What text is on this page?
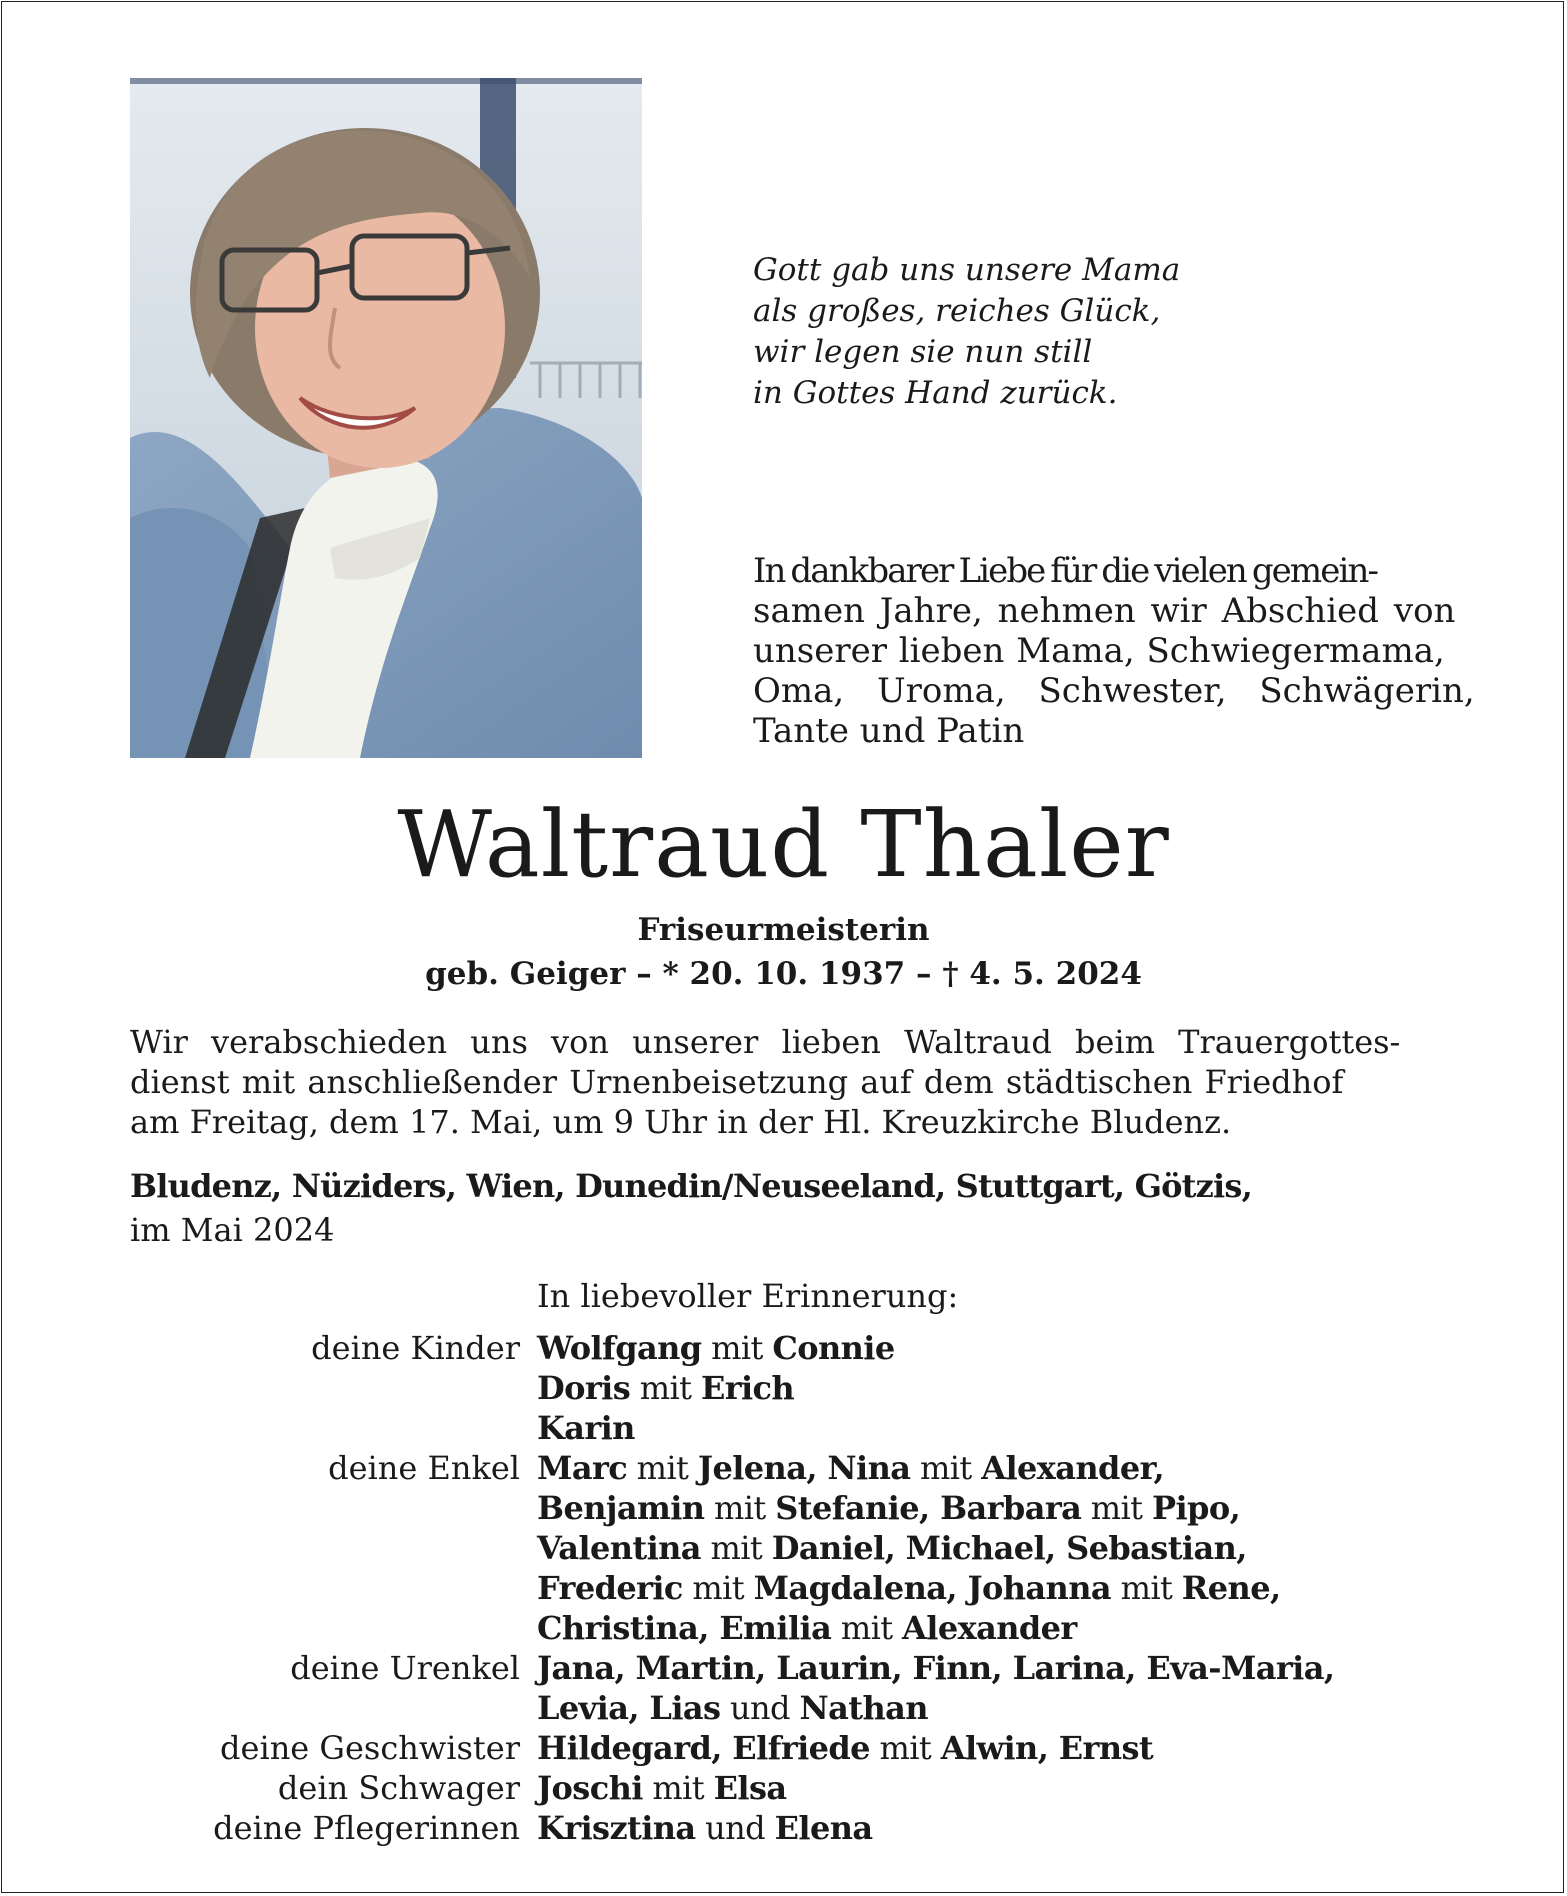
Gott gab uns unsere Mama
als großes, reiches Glück,
wir legen sie nun still
in Gottes Hand zurück.
In dankbarer Liebe für die vielen gemein-
samen Jahre, nehmen wir Abschied von
unserer lieben Mama, Schwiegermama,
Oma, Uroma, Schwester, Schwägerin,
Tante und Patin
Waltraud Thaler
Friseurmeisterin
geb. Geiger – * 20. 10. 1937 – † 4. 5. 2024
Wir verabschieden uns von unserer lieben Waltraud beim Trauergottes-
dienst mit anschließender Urnenbeisetzung auf dem städtischen Friedhof
am Freitag, dem 17. Mai, um 9 Uhr in der Hl. Kreuzkirche Bludenz.
Bludenz, Nüziders, Wien, Dunedin/Neuseeland, Stuttgart, Götzis,
im Mai 2024
In liebevoller Erinnerung:
deine Kinder Wolfgang mit Connie
Doris mit Erich
Karin
deine Enkel Marc mit Jelena, Nina mit Alexander,
Benjamin mit Stefanie, Barbara mit Pipo,
Valentina mit Daniel, Michael, Sebastian,
Frederic mit Magdalena, Johanna mit Rene,
Christina, Emilia mit Alexander
deine Urenkel Jana, Martin, Laurin, Finn, Larina, Eva-Maria,
Levia, Lias und Nathan
deine Geschwister Hildegard, Elfriede mit Alwin, Ernst
dein Schwager Joschi mit Elsa
deine Pflegerinnen Krisztina und Elena
